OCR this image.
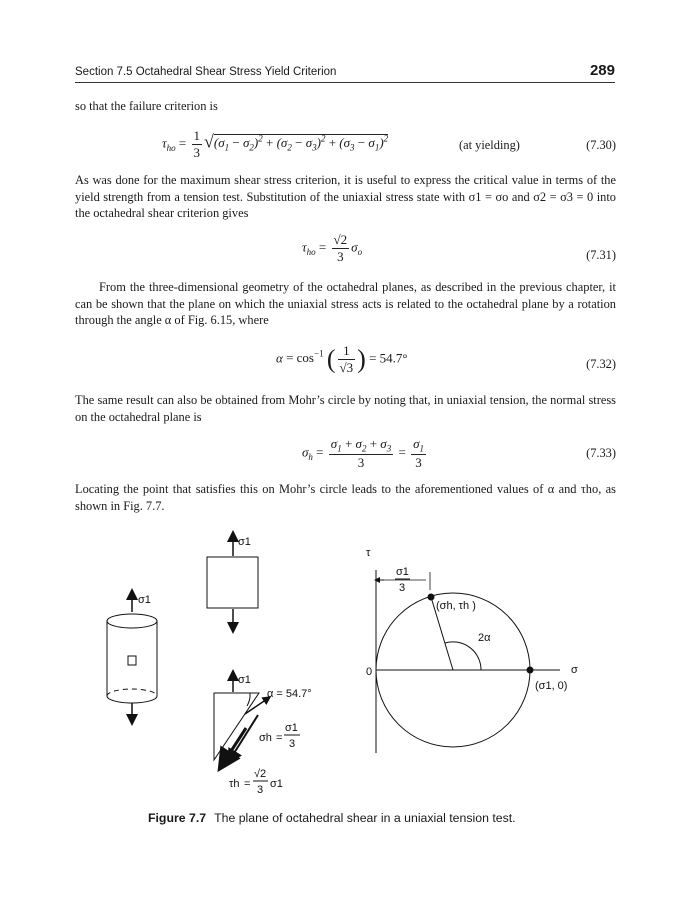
Section 7.5 Octahedral Shear Stress Yield Criterion	289
so that the failure criterion is
$\tau_{ho} = \frac{1}{3} √(\sigma_1 - \sigma_2)^2 + (\sigma_2 - \sigma_3)^2 + (\sigma_3 - \sigma_1)^2$	(at yielding)	(7.30)
As was done for the maximum shear stress criterion, it is useful to express the critical value in terms of the yield strength from a tension test. Substitution of the uniaxial stress state with σ1 = σo and σ2 = σ3 = 0 into the octahedral shear criterion gives
$\tau_{ho} = \frac{√2}{3} \sigma_o$	(7.31)
From the three-dimensional geometry of the octahedral planes, as described in the previous chapter, it can be shown that the plane on which the uniaxial stress acts is related to the octahedral plane by a rotation through the angle α of Fig. 6.15, where
$\alpha = \cos^{-1}$ ( $\frac{1}{√3}$ ) = 54.7°	(7.32)
The same result can also be obtained from Mohr’s circle by noting that, in uniaxial tension, the normal stress on the octahedral plane is
$\sigma_h = \frac{\sigma_1 + \sigma_2 + \sigma_3}{3} = \frac{\sigma_1}{3}$	(7.33)
Locating the point that satisfies this on Mohr’s circle leads to the aforementioned values of α and τho, as shown in Fig. 7.7.
σ1
σ1
σ1
α = 54.7°
σh =
σ1
3
τh =
√2
3 σ1
τ
σ
0
σ1
3
(σh, τh )
2α
(σ1, 0)
Figure 7.7 The plane of octahedral shear in a uniaxial tension test.
